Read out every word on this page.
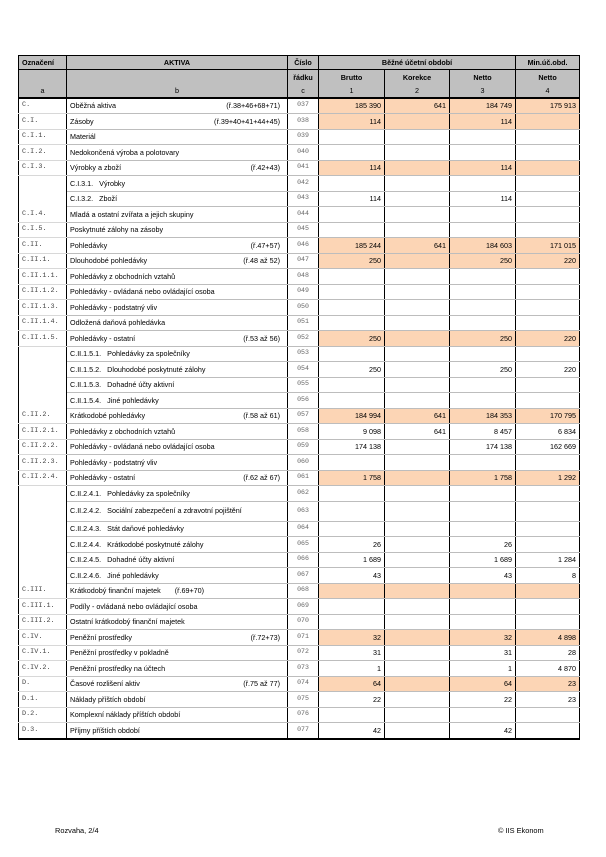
Označení	AKTIVA	Číslo	Běžné účetní období			Min.úč.obd.
		řádku	Brutto	Korekce	Netto	Netto
a	b	c	1	2	3	4
C.	Oběžná aktiva (ř.38+46+68+71)	037	185 390	641	184 749	175 913
C.I.	Zásoby (ř.39+40+41+44+45)	038	114		114	
C.I.1.	Materiál	039				
C.I.2.	Nedokončená výroba a polotovary	040				
C.I.3.	Výrobky a zboží (ř.42+43)	041	114		114	

	C.I.3.1.   Výrobky	042				

	C.I.3.2.   Zboží	043	114		114	
C.I.4.	Mladá a ostatní zvířata a jejich skupiny	044				
C.I.5.	Poskytnuté zálohy na zásoby	045				
C.II.	Pohledávky (ř.47+57)	046	185 244	641	184 603	171 015
C.II.1.	Dlouhodobé pohledávky (ř.48 až 52)	047	250		250	220
C.II.1.1.	Pohledávky z obchodních vztahů	048				
C.II.1.2.	Pohledávky - ovládaná nebo ovládající osoba	049				
C.II.1.3.	Pohledávky - podstatný vliv	050				
C.II.1.4.	Odložená daňová pohledávka	051				
C.II.1.5.	Pohledávky - ostatní (ř.53 až 56)	052	250		250	220

	C.II.1.5.1.   Pohledávky za společníky	053				

	C.II.1.5.2.   Dlouhodobé poskytnuté zálohy	054	250		250	220

	C.II.1.5.3.   Dohadné účty aktivní	055				

	C.II.1.5.4.   Jiné pohledávky	056				
C.II.2.	Krátkodobé pohledávky (ř.58 až 61)	057	184 994	641	184 353	170 795
C.II.2.1.	Pohledávky z obchodních vztahů	058	9 098	641	8 457	6 834
C.II.2.2.	Pohledávky - ovládaná nebo ovládající osoba	059	174 138		174 138	162 669
C.II.2.3.	Pohledávky - podstatný vliv	060				
C.II.2.4.	Pohledávky - ostatní (ř.62 až 67)	061	1 758		1 758	1 292

	C.II.2.4.1.   Pohledávky za společníky	062				

	C.II.2.4.2.   Sociální zabezpečení a zdravotní pojištění	063				

	C.II.2.4.3.   Stát daňové pohledávky	064				

	C.II.2.4.4.   Krátkodobé poskytnuté zálohy	065	26		26	

	C.II.2.4.5.   Dohadné účty aktivní	066	1 689		1 689	1 284

	C.II.2.4.6.   Jiné pohledávky	067	43		43	8
C.III.	Krátkodobý finanční majetek (ř.69+70)	068				
C.III.1.	Podíly - ovládaná nebo ovládající osoba	069				
C.III.2.	Ostatní krátkodobý finanční majetek	070				
C.IV.	Peněžní prostředky (ř.72+73)	071	32		32	4 898
C.IV.1.	Peněžní prostředky v pokladně	072	31		31	28
C.IV.2.	Peněžní prostředky na účtech	073	1		1	4 870
D.	Časové rozlišení aktiv (ř.75 až 77)	074	64		64	23
D.1.	Náklady příštích období	075	22		22	23
D.2.	Komplexní náklady příštích období	076				
D.3.	Příjmy příštích období	077	42		42	
Rozvaha, 2/4	© IIS Ekonom
